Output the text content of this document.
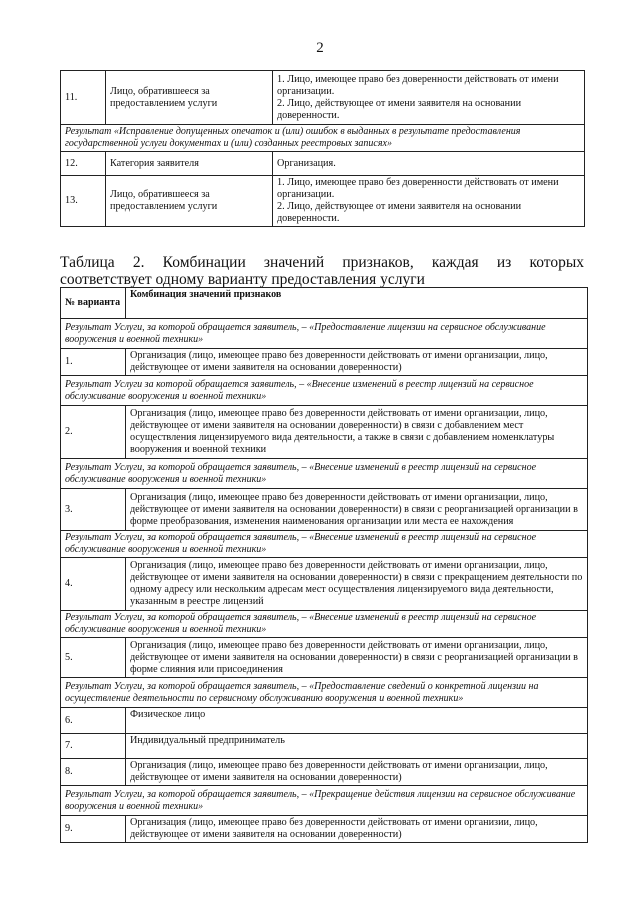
2
11.	Лицо, обратившееся за предоставлением услуги	1. Лицо, имеющее право без доверенности действовать от имени организации.
2. Лицо, действующее от имени заявителя на основании доверенности.
Результат «Исправление допущенных опечаток и (или) ошибок в выданных в результате предоставления государственной услуги документах и (или) созданных реестровых записях»		
12.	Категория заявителя	Организация.
13.	Лицо, обратившееся за предоставлением услуги	1. Лицо, имеющее право без доверенности действовать от имени организации.
2. Лицо, действующее от имени заявителя на основании доверенности.
Таблица 2. Комбинации значений признаков, каждая из которых
соответствует одному варианту предоставления услуги
№ варианта	Комбинация значений признаков
Результат Услуги, за которой обращается заявитель, – «Предоставление лицензии на сервисное обслуживание вооружения и военной техники»	
1.	Организация (лицо, имеющее право без доверенности действовать от имени организации, лицо, действующее от имени заявителя на основании доверенности)
Результат Услуги за которой обращается заявитель, – «Внесение изменений в реестр лицензий на сервисное обслуживание вооружения и военной техники»	
2.	Организация (лицо, имеющее право без доверенности действовать от имени организации, лицо, действующее от имени заявителя на основании доверенности) в связи с добавлением мест осуществления лицензируемого вида деятельности, а также в связи с добавлением номенклатуры вооружения и военной техники
Результат Услуги, за которой обращается заявитель, – «Внесение изменений в реестр лицензий на сервисное обслуживание вооружения и военной техники»	
3.	Организация (лицо, имеющее право без доверенности действовать от имени организации, лицо, действующее от имени заявителя на основании доверенности) в связи с реорганизацией организации в форме преобразования, изменения наименования организации или места ее нахождения
Результат Услуги, за которой обращается заявитель, – «Внесение изменений в реестр лицензий на сервисное обслуживание вооружения и военной техники»	
4.	Организация (лицо, имеющее право без доверенности действовать от имени организации, лицо, действующее от имени заявителя на основании доверенности) в связи с прекращением деятельности по одному адресу или нескольким адресам мест осуществления лицензируемого вида деятельности, указанным в реестре лицензий
Результат Услуги, за которой обращается заявитель, – «Внесение изменений в реестр лицензий на сервисное обслуживание вооружения и военной техники»	
5.	Организация (лицо, имеющее право без доверенности действовать от имени организации, лицо, действующее от имени заявителя на основании доверенности) в связи с реорганизацией организации в форме слияния или присоединения
Результат Услуги, за которой обращается заявитель, – «Предоставление сведений о конкретной лицензии на осуществление деятельности по сервисному обслуживанию вооружения и военной техники»	
6.	Физическое лицо
7.	Индивидуальный предприниматель
8.	Организация (лицо, имеющее право без доверенности действовать от имени организации, лицо, действующее от имени заявителя на основании доверенности)
Результат Услуги, за которой обращается заявитель, – «Прекращение действия лицензии на сервисное обслуживание вооружения и военной техники»	
9.	Организация (лицо, имеющее право без доверенности действовать от имени организии, лицо, действующее от имени заявителя на основании доверенности)
